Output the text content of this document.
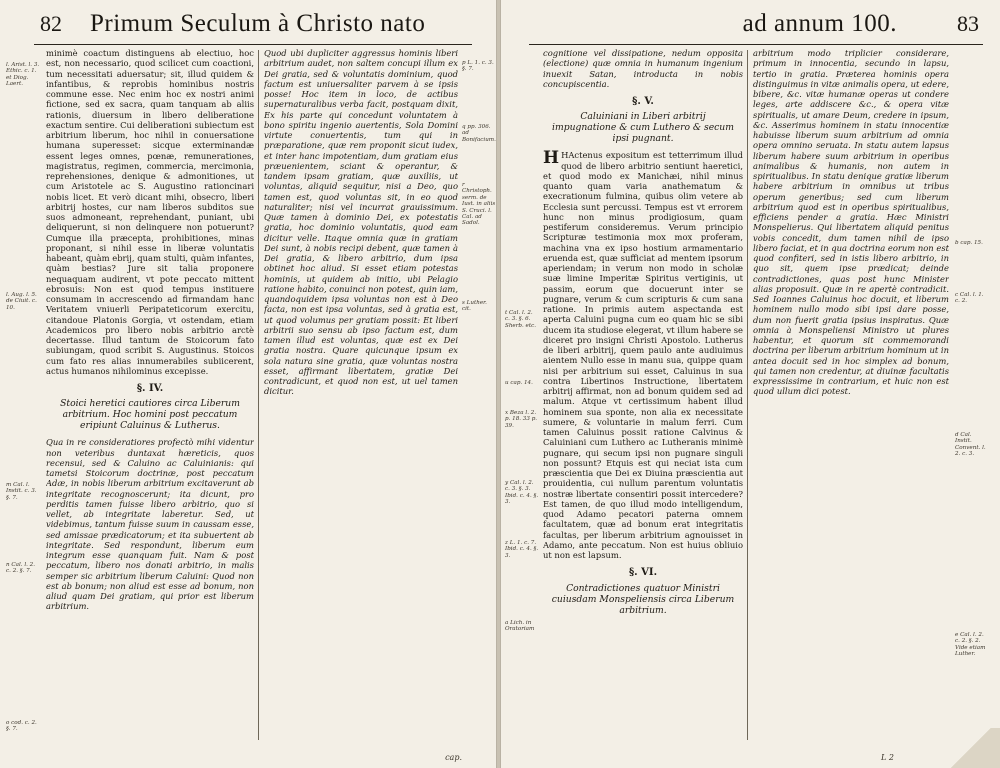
82 Primum Seculum à Christo nato
l. Arist. l. 3. Ethic. c. 1. et Diog. Laert.
l. Aug. l. 5. de Ciuit. c. 10.
m Cal. l. Instit. c. 3. §. 7.
n Cal. l. 2. c. 2. §. 7.
o cod. c. 2. §. 7.

minimè coactum distinguens ab electiuo, hoc est, non necessario, quod scilicet cum coactioni, tum necessitati aduersatur; sit, illud quidem & infantibus, & reprobis hominibus nostris commune esse. Nec enim hoc ex nostri animi fictione, sed ex sacra, quam tanquam ab aliis rationis, diuersum in libero deliberatione exactum sentire. Cui deliberationi subiectum est arbitrium liberum, hoc nihil in conuersatione humana superesset: sicque exterminandæ essent leges omnes, pœnæ, remunerationes, magistratus, regimen, commercia, mercimonia, reprehensiones, denique & admonitiones, ut cum Aristotele ac S. Augustino rationcinari nobis licet. Et verò dicant mihi, obsecro, liberi arbitrij hostes, cur nam liberos subditos sue suos admoneant, reprehendant, puniant, ubi deliquerunt, si non delinquere non potuerunt? Cumque illa præcepta, prohibitiones, minas proponant, si nihil esse in liberæ voluntatis habeant, quàm ebrij, quam stulti, quàm infantes, quàm bestias? Jure sit talia proponere nequaquam audirent, vt pote peccato mittent ebrosuis: Non est quod tempus instituere consumam in accrescendo ad firmandam hanc Veritatem vniuerli Peripateticorum exercitu, citandoue Platonis Gorgia, vt ostendam, etiam Academicos pro libero nobis arbitrio arctè decertasse. Illud tantum de Stoicorum fato subiungam, quod scribit S. Augustinus. Stoicos cum fato res alias innumerabiles subiicerent, actus humanos nihilominus excepisse.

§. IV.
Stoici heretici cautiores circa Liberum arbitrium. Hoc homini post peccatum eripiunt Caluinus & Lutherus.

Qua in re consideratiores profectò mihi videntur non veteribus duntaxat hæreticis, quos recensui, sed & Caluino ac Caluinianis: qui tametsi Stoicorum doctrinæ, post peccatum Adæ, in nobis liberum arbitrium excitaverunt ab integritate recognoscerunt; ita dicunt, pro perditis tamen fuisse libero arbitrio, quo si vellet, ab integritate laberetur. Sed, ut videbimus, tantum fuisse suum in caussam esse, sed amissae prædicatorum; et ita subuertent ab integritate. Sed respondunt, liberum eum integrum esse quanquam fuit. Nam & post peccatum, libero nos donati arbitrio, in malis semper sic arbitrium liberum Caluini: Quod non est ab bonum; non aliud est esse ad bonum, non aliud quam Dei gratiam, qui prior est liberum arbitrium.

Quod ubi dupliciter aggressus hominis liberi arbitrium audet, non saltem concupi illum ex Dei gratia, sed & voluntatis dominium, quod factum est uniuersaliter parvem à se ipsis posse! Hoc item in loco, de actibus supernaturalibus verba facit, postquam dixit, Ex his parte qui concedunt voluntatem à bono spiritu ingenio auertentis, Sola Domini virtute conuertentis, tum qui in præparatione, quæ rem proponit sicut iudex, et inter hanc impotentiam, dum gratiam eius præuenientem, sciant & operantur, & tandem ipsam gratiam, quæ auxiliis, ut voluntas, aliquid sequitur, nisi a Deo, quo tamen est, quod voluntas sit, in eo quod naturaliter; nisi vel incurrat grauissimum. Quæ tamen à dominio Dei, ex potestatis gratia, hoc dominio voluntatis, quod eam dicitur velle. Itaque omnia quæ in gratiam Dei sunt, à nobis recipi debent, quæ tamen à Dei gratia, & libero arbitrio, dum ipsa obtinet hoc aliud. Si esset etiam potestas hominis, ut quidem ab initio, ubi Pelagio ratione habito, conuinci non potest, quin iam, quandoquidem ipsa voluntas non est à Deo facta, non est ipsa voluntas, sed à gratia est, ut quod volumus per gratiam possit: Et liberi arbitrii suo sensu ab ipso factum est, dum tamen illud est voluntas, quæ est ex Dei gratia nostra. Quare quicunque ipsum ex sola natura sine gratia, quæ voluntas nostra esset, affirmant libertatem, gratiæ Dei contradicunt, et quod non est, ut uel tamen dicitur.

p L. 1. c. 3. §. 7.
q pp. 306. ad Bonifacium.
r Christoph. serm. de Iust. in aliis S. Cruci. l. Cal. ad Sadol.
s Luther. cit.
cap.
ad annum 100.	83
t Cal. l. 2. c. 3. §. 6. Sherb. etc.
u cap. 14.
x Beza l. 2. p. 18. 33 p. 39.
y Cal. l. 2. c. 3. §. 3. Ibid. c. 4. §. 3.
z L. 1. c. 7. Ibid. c. 4. §. 3.
a Lich. in Oratoriam

cognitione vel dissipatione, nedum opposita (electione) quæ omnia in humanum ingenium inuexit Satan, introducta in nobis concupiscentia.

§. V.
Caluiniani in Liberi arbitrij impugnatione & cum Luthero & secum ipsi pugnant.

H HActenus expositum est tetterrimum illud quod de libero arbitrio sentiunt haeretici, et quod modo ex Manichæi, nihil minus quanto quam varia anathematum & execrationum fulmina, quibus olim vetere ab Ecclesia sunt percussi. Tempus est vt errorem hunc non minus prodigiosum, quam pestiferum consideremus. Verum principio Scripturæ testimonia mox mox proferam, machina vna ex ipso hostium armamentario eruenda est, quæ sufficiat ad mentem ipsorum aperiendam; in verum non modo in scholæ suæ limine Imperitæ Spiritus vertiginis, ut passim, eorum que docuerunt inter se pugnare, verum & cum scripturis & cum sana ratione. In primis autem aspectanda est aperta Caluini pugna cum eo quam hic se sibi ducem ita studiose elegerat, vt illum habere se diceret pro insigni Christi Apostolo. Lutherus de liberi arbitrij, quem paulo ante audiuimus aientem Nullo esse in manu sua, quippe quam nisi per arbitrium sui esset, Caluinus in sua contra Libertinos Instructione, libertatem arbitrij affirmat, non ad bonum quidem sed ad malum. Atque vt certissimum habent illud hominem sua sponte, non alia ex necessitate sumere, & voluntarie in malum ferri. Cum tamen Caluinus possit ratione Calvinus & Caluiniani cum Luthero ac Lutheranis minimè pugnare, qui secum ipsi non pugnare singuli non possunt? Etquis est qui neciat ista cum præscientia que Dei ex Diuina præscientia aut prouidentia, cui nullum parentum voluntatis nostræ libertate consentiri possit intercedere? Est tamen, de quo illud modo intelligendum, quod Adamo pecatori paterna omnem facultatem, quæ ad bonum erat integritatis facultas, per liberum arbitrium agnouisset in Adamo, ante peccatum. Non est huius obliuio ut non est lapsum.

§. VI.
Contradictiones quatuor Ministri cuiusdam Monspeliensis circa Liberum arbitrium.

arbitrium modo triplicier considerare, primum in innocentia, secundo in lapsu, tertio in gratia. Præterea hominis opera distinguimus in vitæ animalis opera, ut edere, bibere, &c. vitæ humanæ operas ut condere leges, arte addiscere &c., & opera vitæ spiritualis, ut amare Deum, credere in ipsum, &c. Asserimus hominem in statu innocentiæ habuisse liberum suum arbitrium ad omnia opera omnino seruata. In statu autem lapsus liberum habere suum arbitrium in operibus animalibus & humanis, non autem in spiritualibus. In statu denique gratiæ liberum habere arbitrium in omnibus ut tribus operum generibus; sed cum liberum arbitrium quod est in operibus spiritualibus, efficiens pender a gratia. Hæc Ministri Monspelierus. Qui libertatem aliquid penitus vobis concedit, dum tamen nihil de ipso libero faciat, et in qua doctrina eorum non est quod confiteri, sed in istis libero arbitrio, in quo sit, quem ipse prædicat; deinde contradictiones, quas post hunc Minister alias proposuit. Quæ in re apertè contradicit. Sed Ioannes Caluinus hoc docuit, et liberum hominem nullo modo sibi ipsi dare posse, dum non fuerit gratia ipsius inspiratus. Quæ omnia à Monspeliensi Ministro ut plures habentur, et quorum sit commemorandi doctrina per liberum arbitrium hominum ut in antea docuit sed in hoc simplex ad bonum, qui tamen non credentur, at diuinæ facultatis expressissime in contrarium, et huic non est quod ullum dici potest.

b cap. 15.
c Cal. l. 1. c. 2.
d Cal. Instit. Convent. l. 2. c. 3.
e Cal. l. 2. c. 2. §. 2. Vide etiam Luther.
L 2
